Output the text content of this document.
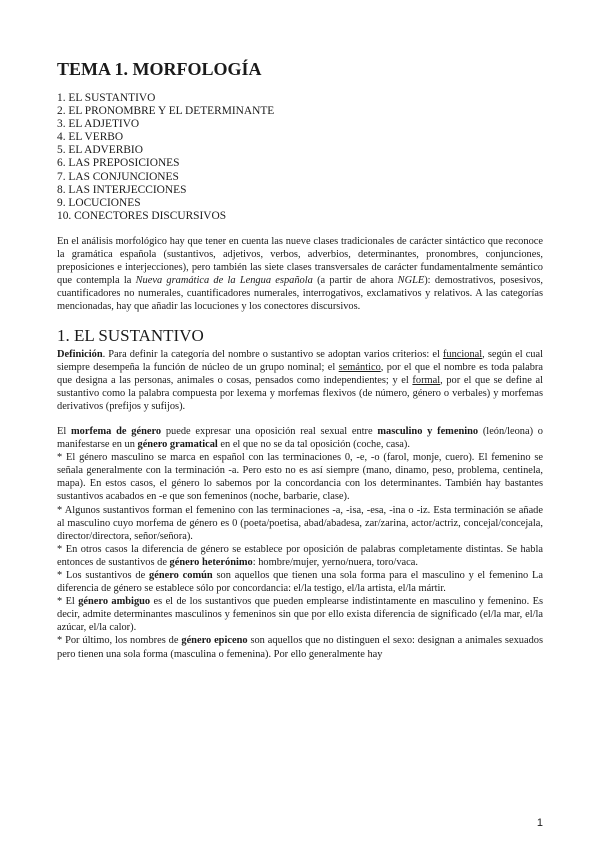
TEMA 1. MORFOLOGÍA
1. EL SUSTANTIVO
2. EL PRONOMBRE Y EL DETERMINANTE
3. EL ADJETIVO
4. EL VERBO
5. EL ADVERBIO
6. LAS PREPOSICIONES
7. LAS CONJUNCIONES
8. LAS INTERJECCIONES
9. LOCUCIONES
10. CONECTORES DISCURSIVOS

En el análisis morfológico hay que tener en cuenta las nueve clases tradicionales de carácter sintáctico que reconoce la gramática española (sustantivos, adjetivos, verbos, adverbios, determinantes, pronombres, conjunciones, preposiciones e interjecciones), pero también las siete clases transversales de carácter fundamentalmente semántico que contempla la Nueva gramática de la Lengua española (a partir de ahora NGLE): demostrativos, posesivos, cuantificadores no numerales, cuantificadores numerales, interrogativos, exclamativos y relativos. A las categorías mencionadas, hay que añadir las locuciones y los conectores discursivos.

1. EL SUSTANTIVO

Definición. Para definir la categoría del nombre o sustantivo se adoptan varios criterios: el funcional, según el cual siempre desempeña la función de núcleo de un grupo nominal; el semántico, por el que el nombre es toda palabra que designa a las personas, animales o cosas, pensados como independientes; y el formal, por el que se define al sustantivo como la palabra compuesta por lexema y morfemas flexivos (de número, género o verbales) y morfemas derivativos (prefijos y sufijos).

El morfema de género puede expresar una oposición real sexual entre masculino y femenino (león/leona) o manifestarse en un género gramatical en el que no se da tal oposición (coche, casa).

* El género masculino se marca en español con las terminaciones 0, -e, -o (farol, monje, cuero). El femenino se señala generalmente con la terminación -a. Pero esto no es así siempre (mano, dinamo, peso, problema, centinela, mapa). En estos casos, el género lo sabemos por la concordancia con los determinantes. También hay bastantes sustantivos acabados en -e que son femeninos (noche, barbarie, clase).

* Algunos sustantivos forman el femenino con las terminaciones -a, -isa, -esa, -ina o -iz. Esta terminación se añade al masculino cuyo morfema de género es 0 (poeta/poetisa, abad/abadesa, zar/zarina, actor/actriz, concejal/concejala, director/directora, señor/señora).

* En otros casos la diferencia de género se establece por oposición de palabras completamente distintas. Se habla entonces de sustantivos de género heterónimo: hombre/mujer, yerno/nuera, toro/vaca.

* Los sustantivos de género común son aquellos que tienen una sola forma para el masculino y el femenino La diferencia de género se establece sólo por concordancia: el/la testigo, el/la artista, el/la mártir.

* El género ambiguo es el de los sustantivos que pueden emplearse indistintamente en masculino y femenino. Es decir, admite determinantes masculinos y femeninos sin que por ello exista diferencia de significado (el/la mar, el/la azúcar, el/la calor).

* Por último, los nombres de género epiceno son aquellos que no distinguen el sexo: designan a animales sexuados pero tienen una sola forma (masculina o femenina). Por ello generalmente hay

1
